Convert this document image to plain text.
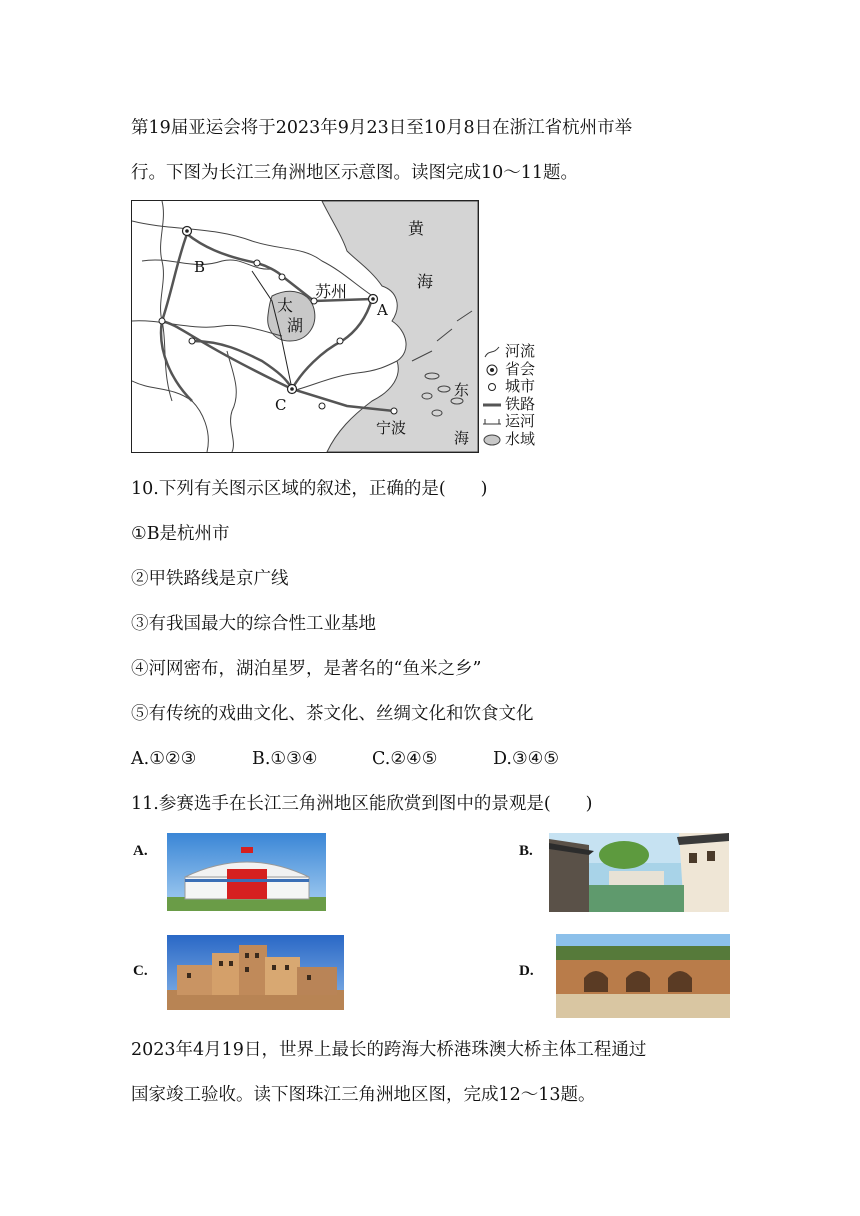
第19届亚运会将于2023年9月23日至10月8日在浙江省杭州市举
行。下图为长江三角洲地区示意图。读图完成10～11题。
黄
海
苏州
太
湖
A
B
C
宁波
东
海
河流
省会
城市
铁路
运河
水域
10.下列有关图示区域的叙述，正确的是(　　)
①B是杭州市
②甲铁路线是京广线
③有我国最大的综合性工业基地
④河网密布，湖泊星罗，是著名的“鱼米之乡”
⑤有传统的戏曲文化、茶文化、丝绸文化和饮食文化
A.①②③	B.①③④	C.②④⑤	D.③④⑤
11.参赛选手在长江三角洲地区能欣赏到图中的景观是(　　)
A.	B.
C.	D.
2023年4月19日，世界上最长的跨海大桥港珠澳大桥主体工程通过
国家竣工验收。读下图珠江三角洲地区图，完成12～13题。
